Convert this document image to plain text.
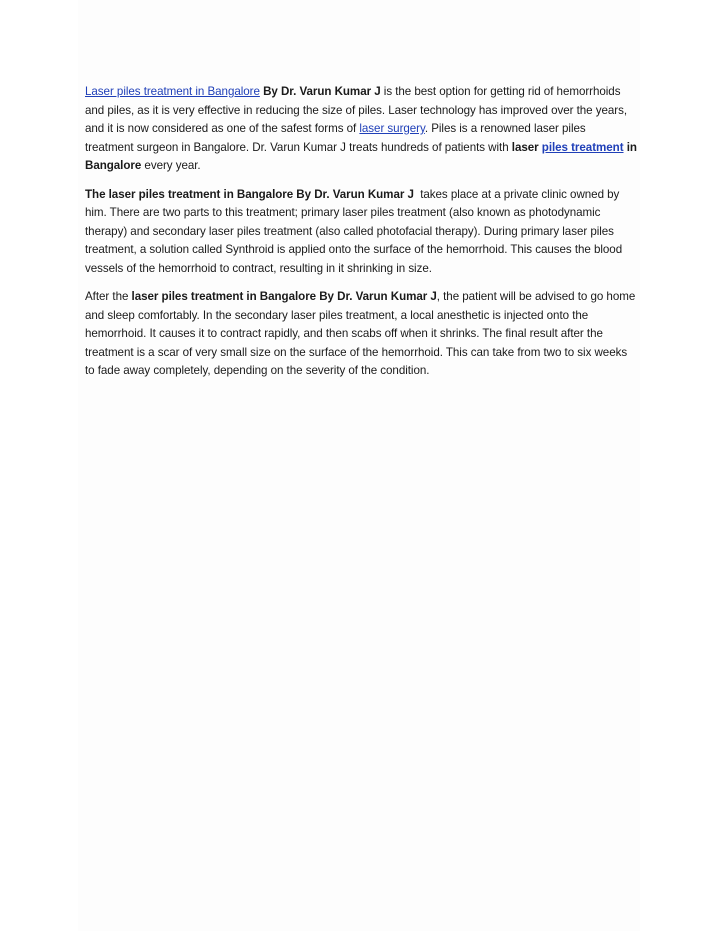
Laser piles treatment in Bangalore By Dr. Varun Kumar J is the best option for getting rid of hemorrhoids and piles, as it is very effective in reducing the size of piles. Laser technology has improved over the years, and it is now considered as one of the safest forms of laser surgery. Piles is a renowned laser piles treatment surgeon in Bangalore. Dr. Varun Kumar J treats hundreds of patients with laser piles treatment in Bangalore every year.

The laser piles treatment in Bangalore By Dr. Varun Kumar J takes place at a private clinic owned by him. There are two parts to this treatment; primary laser piles treatment (also known as photodynamic therapy) and secondary laser piles treatment (also called photofacial therapy). During primary laser piles treatment, a solution called Synthroid is applied onto the surface of the hemorrhoid. This causes the blood vessels of the hemorrhoid to contract, resulting in it shrinking in size.

After the laser piles treatment in Bangalore By Dr. Varun Kumar J, the patient will be advised to go home and sleep comfortably. In the secondary laser piles treatment, a local anesthetic is injected onto the hemorrhoid. It causes it to contract rapidly, and then scabs off when it shrinks. The final result after the treatment is a scar of very small size on the surface of the hemorrhoid. This can take from two to six weeks to fade away completely, depending on the severity of the condition.
